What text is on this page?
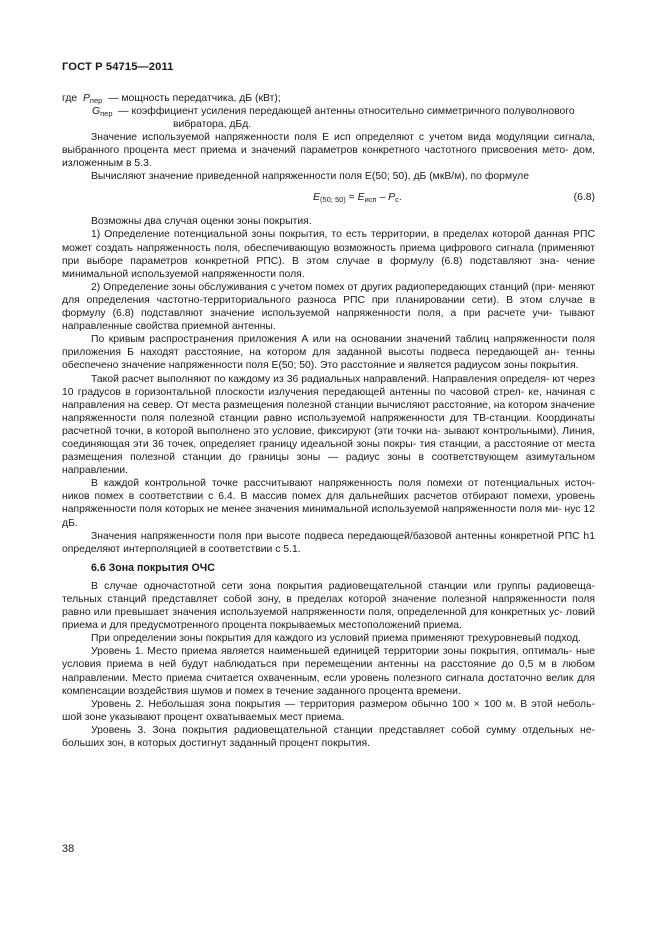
ГОСТ Р 54715—2011
где $P_{пер}$ — мощность передатчика, дБ (кВт);
$G_{пер}$ — коэффициент усиления передающей антенны относительно симметричного полуволнового
вибратора, дБд.

Значение используемой напряженности поля E исп определяют с учетом вида модуляции сигнала, выбранного процента мест приема и значений параметров конкретного частотного присвоения мето- дом, изложенным в 5.3.

Вычисляют значение приведенной напряженности поля E(50; 50), дБ (мкВ/м), по формуле

$E_{(50; 50)} = E_{исп} - P_с$.	(6.8)

Возможны два случая оценки зоны покрытия.

1) Определение потенциальной зоны покрытия, то есть территории, в пределах которой данная РПС может создать напряженность поля, обеспечивающую возможность приема цифрового сигнала (применяют при выборе параметров конкретной РПС). В этом случае в формулу (6.8) подставляют зна- чение минимальной используемой напряженности поля.

2) Определение зоны обслуживания с учетом помех от других радиопередающих станций (при- меняют для определения частотно-территориального разноса РПС при планировании сети). В этом случае в формулу (6.8) подставляют значение используемой напряженности поля, а при расчете учи- тывают направленные свойства приемной антенны.

По кривым распространения приложения А или на основании значений таблиц напряженности поля приложения Б находят расстояние, на котором для заданной высоты подвеса передающей ан- тенны обеспечено значение напряженности поля E(50; 50). Это расстояние и является радиусом зоны покрытия.

Такой расчет выполняют по каждому из 36 радиальных направлений. Направления определя- ют через 10 градусов в горизонтальной плоскости излучения передающей антенны по часовой стрел- ке, начиная с направления на север. От места размещения полезной станции вычисляют расстояние, на котором значение напряженности поля полезной станции равно используемой напряженности для ТВ-станции. Координаты расчетной точки, в которой выполнено это условие, фиксируют (эти точки на- зывают контрольными). Линия, соединяющая эти 36 точек, определяет границу идеальной зоны покры- тия станции, а расстояние от места размещения полезной станции до границы зоны — радиус зоны в соответствующем азимутальном направлении.

В каждой контрольной точке рассчитывают напряженность поля помехи от потенциальных источ- ников помех в соответствии с 6.4. В массив помех для дальнейших расчетов отбирают помехи, уровень напряженности поля которых не менее значения минимальной используемой напряженности поля ми- нус 12 дБ.

Значения напряженности поля при высоте подвеса передающей/базовой антенны конкретной РПС h1 определяют интерполяцией в соответствии с 5.1.

6.6 Зона покрытия ОЧС

В случае одночастотной сети зона покрытия радиовещательной станции или группы радиовеща- тельных станций представляет собой зону, в пределах которой значение полезной напряженности поля равно или превышает значения используемой напряженности поля, определенной для конкретных ус- ловий приема и для предусмотренного процента покрываемых местоположений приема.

При определении зоны покрытия для каждого из условий приема применяют трехуровневый подход.

Уровень 1. Место приема является наименьшей единицей территории зоны покрытия, оптималь- ные условия приема в ней будут наблюдаться при перемещении антенны на расстояние до 0,5 м в любом направлении. Место приема считается охваченным, если уровень полезного сигнала достаточно велик для компенсации воздействия шумов и помех в течение заданного процента времени.

Уровень 2. Небольшая зона покрытия — территория размером обычно 100 × 100 м. В этой неболь- шой зоне указывают процент охватываемых мест приема.

Уровень 3. Зона покрытия радиовещательной станции представляет собой сумму отдельных не- больших зон, в которых достигнут заданный процент покрытия.

38
